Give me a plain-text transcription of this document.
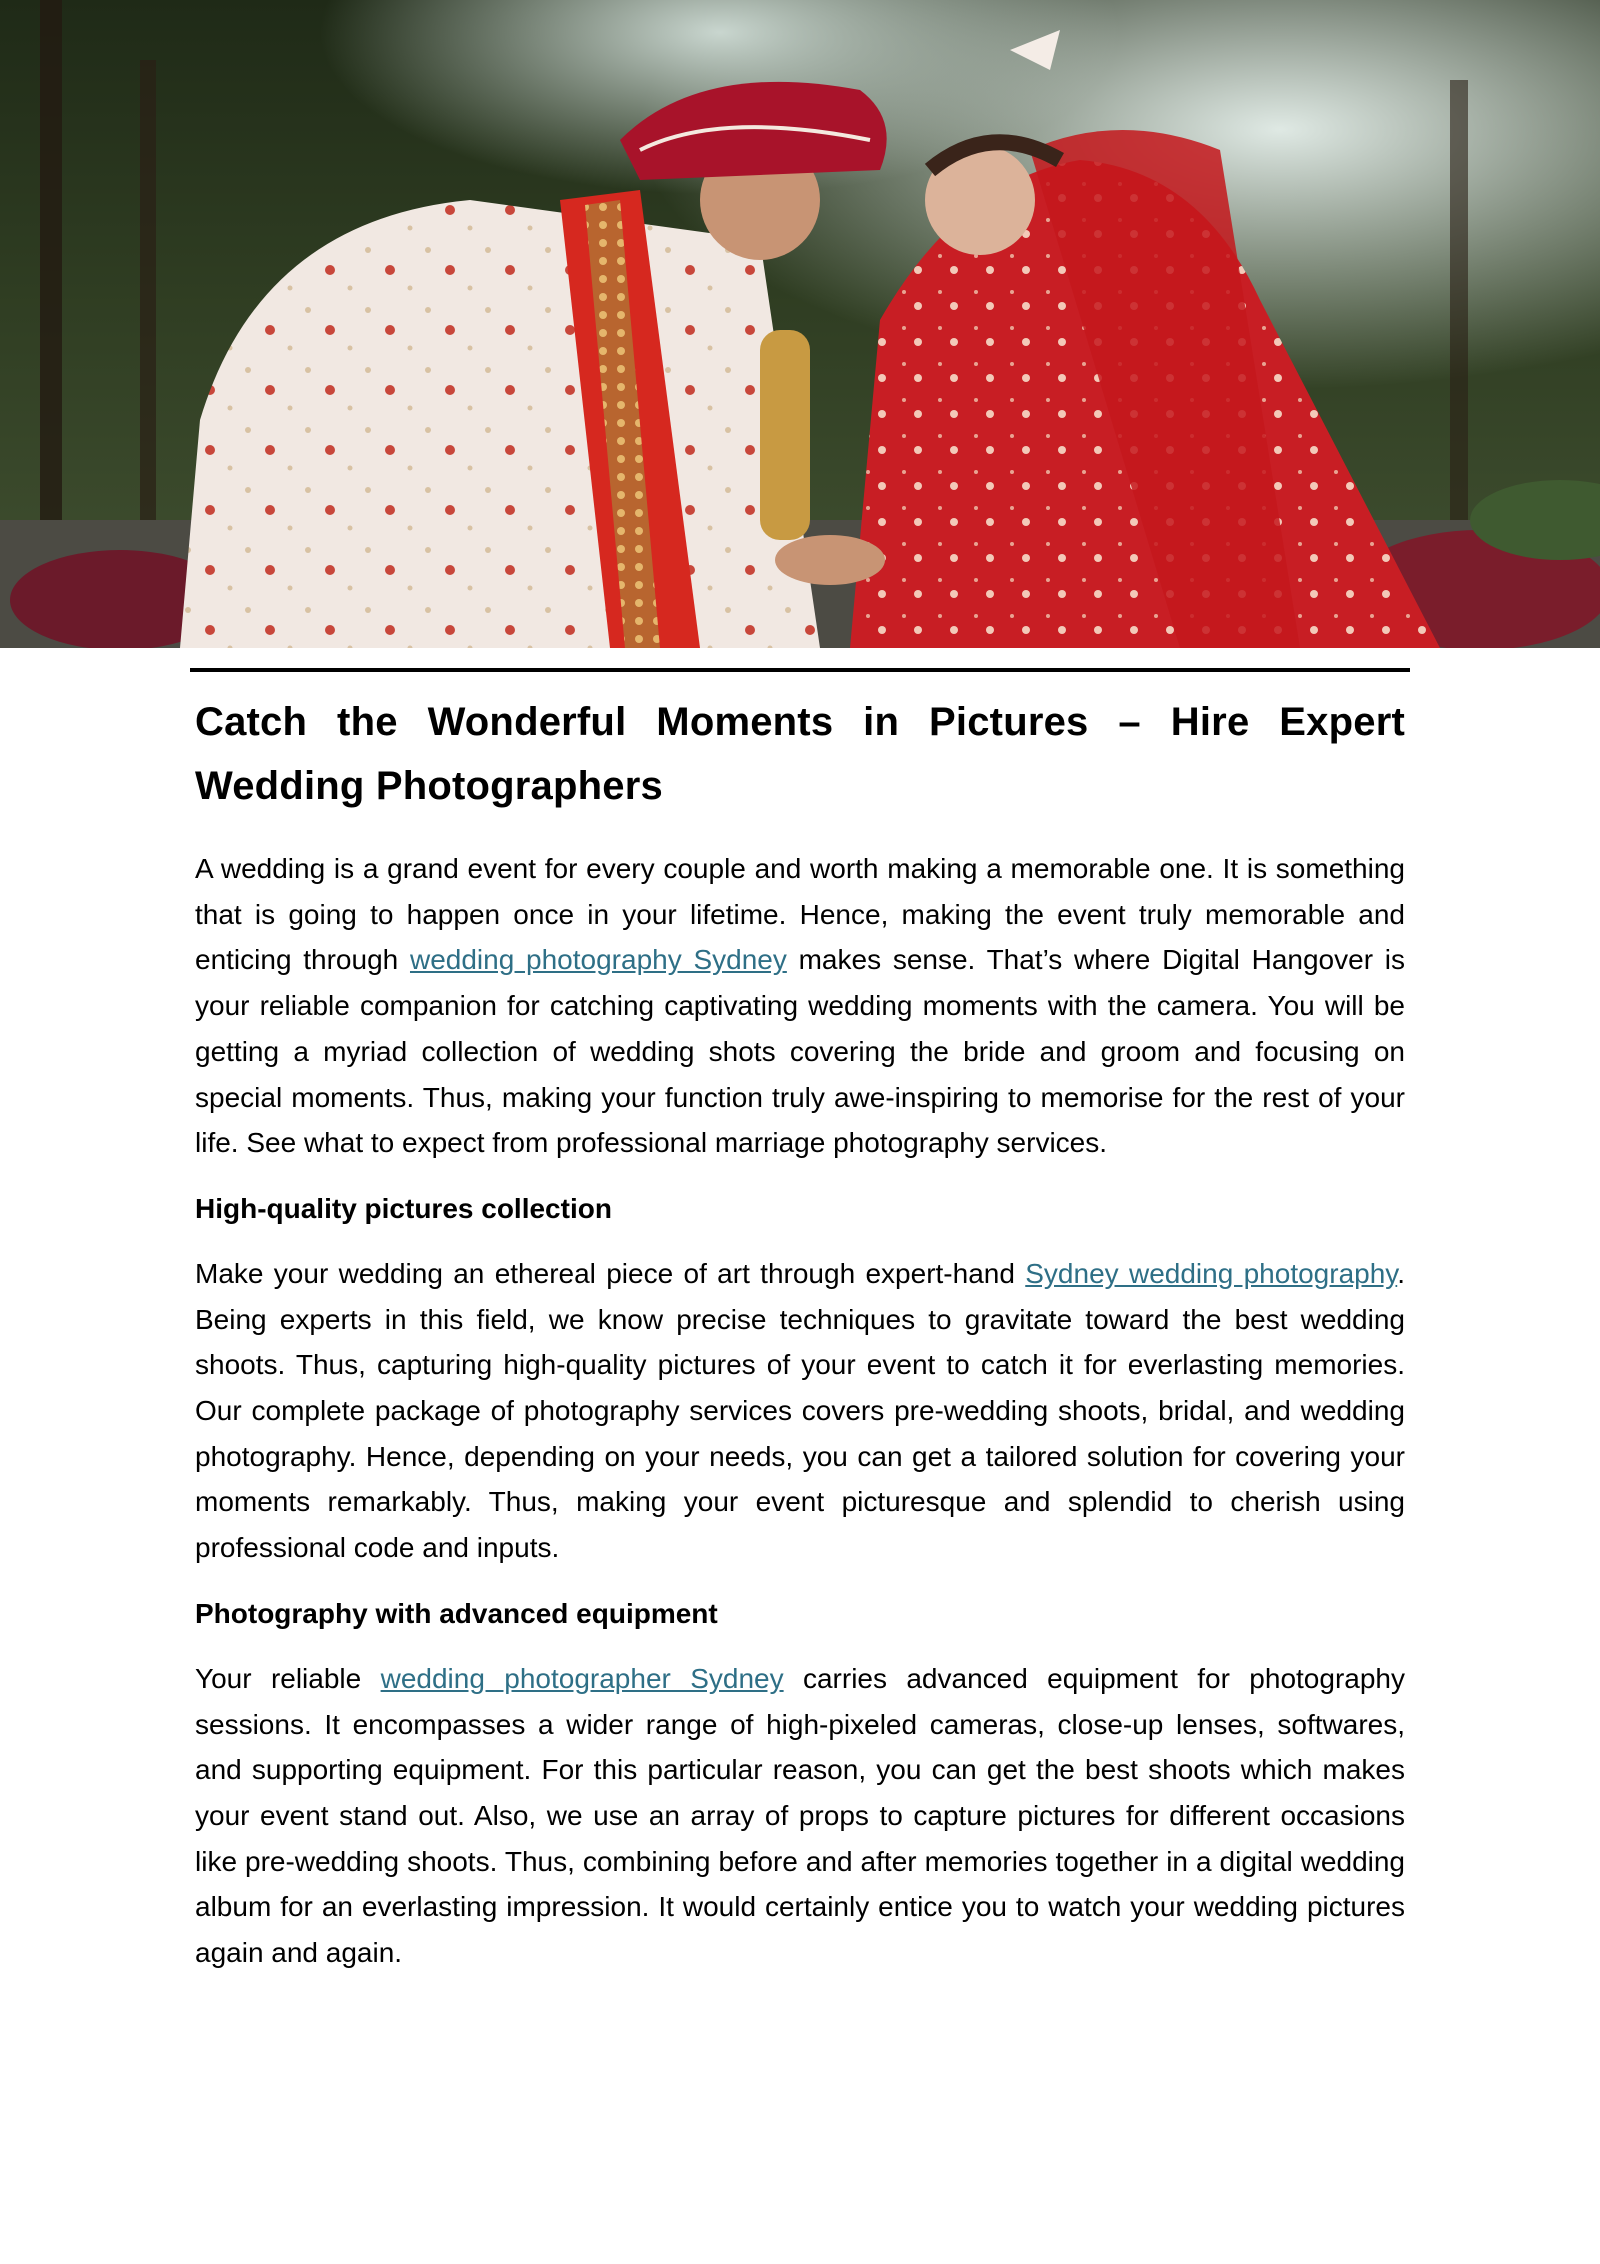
Catch the Wonderful Moments in Pictures – Hire Expert Wedding Photographers

A wedding is a grand event for every couple and worth making a memorable one. It is something that is going to happen once in your lifetime. Hence, making the event truly memorable and enticing through wedding photography Sydney makes sense. That’s where Digital Hangover is your reliable companion for catching captivating wedding moments with the camera. You will be getting a myriad collection of wedding shots covering the bride and groom and focusing on special moments. Thus, making your function truly awe-inspiring to memorise for the rest of your life. See what to expect from professional marriage photography services.

High-quality pictures collection

Make your wedding an ethereal piece of art through expert-hand Sydney wedding photography. Being experts in this field, we know precise techniques to gravitate toward the best wedding shoots. Thus, capturing high-quality pictures of your event to catch it for everlasting memories. Our complete package of photography services covers pre-wedding shoots, bridal, and wedding photography. Hence, depending on your needs, you can get a tailored solution for covering your moments remarkably. Thus, making your event picturesque and splendid to cherish using professional code and inputs.

Photography with advanced equipment

Your reliable wedding photographer Sydney carries advanced equipment for photography sessions. It encompasses a wider range of high-pixeled cameras, close-up lenses, softwares, and supporting equipment. For this particular reason, you can get the best shoots which makes your event stand out. Also, we use an array of props to capture pictures for different occasions like pre-wedding shoots. Thus, combining before and after memories together in a digital wedding album for an everlasting impression. It would certainly entice you to watch your wedding pictures again and again.
